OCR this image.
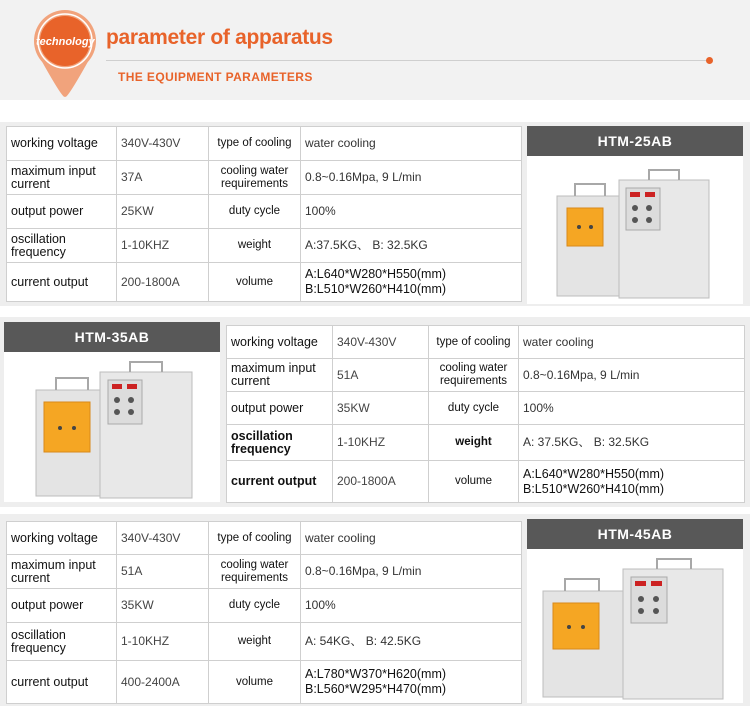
technology parameter of apparatus
THE EQUIPMENT PARAMETERS
working voltage	340V-430V	type of cooling	water cooling
maximum input current	37A	cooling water requirements	0.8~0.16Mpa, 9 L/min
output power	25KW	duty cycle	100%
oscillation frequency	1-10KHZ	weight	A:37.5KG、 B: 32.5KG
current output	200-1800A	volume	A:L640*W280*H550(mm)
B:L510*W260*H410(mm)
HTM-25AB
HTM-35AB	working voltage	340V-430V	type of cooling	water cooling
maximum input current	51A	cooling water requirements	0.8~0.16Mpa, 9 L/min
output power	35KW	duty cycle	100%
oscillation frequency	1-10KHZ	weight	A: 37.5KG、 B: 32.5KG
current output	200-1800A	volume	A:L640*W280*H550(mm)
B:L510*W260*H410(mm)
working voltage	340V-430V	type of cooling	water cooling
maximum input current	51A	cooling water requirements	0.8~0.16Mpa, 9 L/min
output power	35KW	duty cycle	100%
oscillation frequency	1-10KHZ	weight	A: 54KG、 B: 42.5KG
current output	400-2400A	volume	A:L780*W370*H620(mm)
B:L560*W295*H470(mm)
HTM-45AB
